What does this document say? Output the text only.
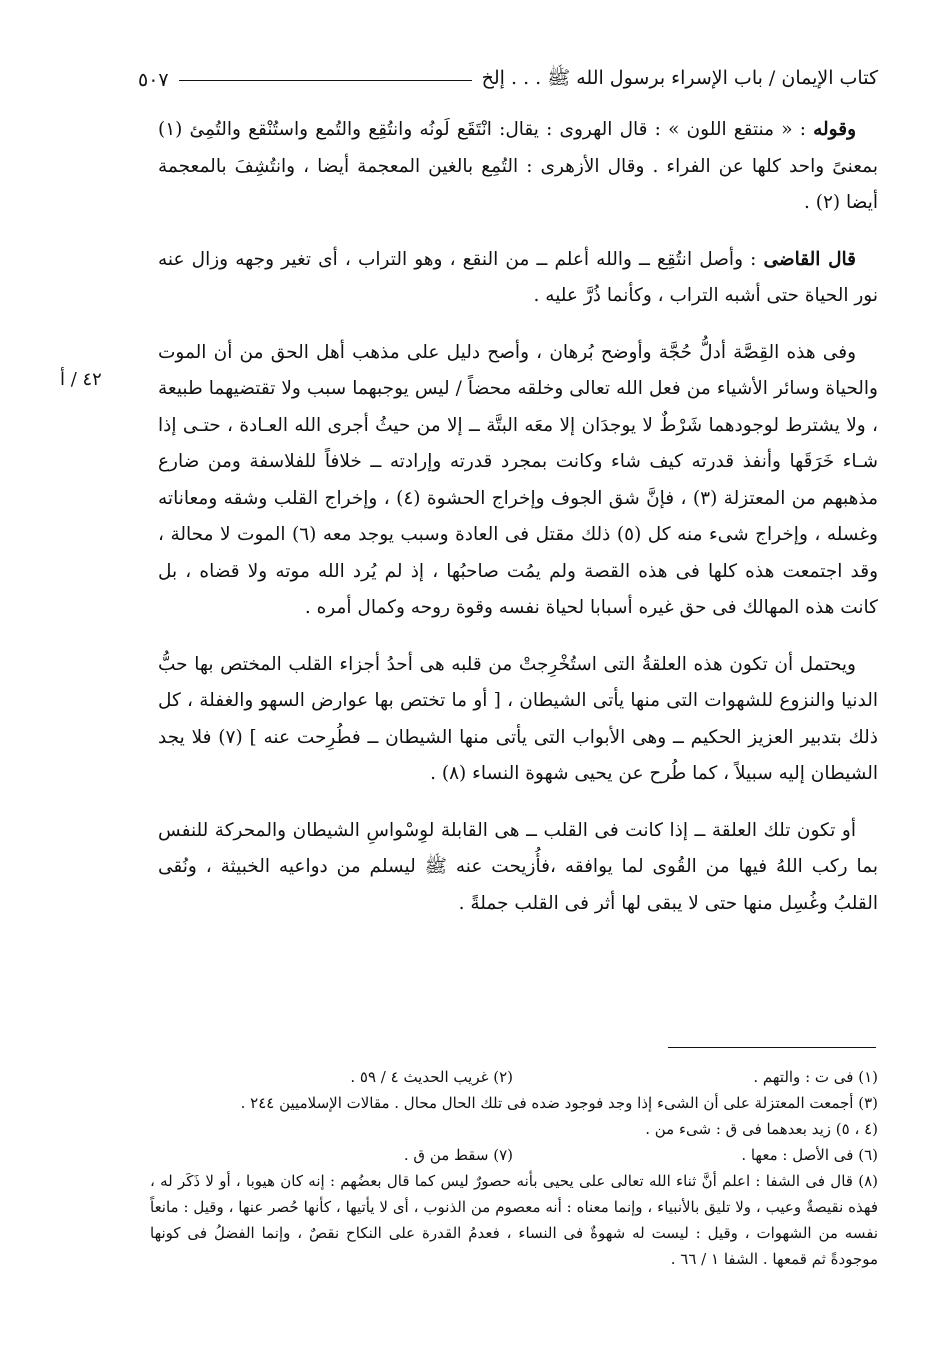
كتاب الإيمان / باب الإسراء برسول الله ﷺ . . . إلخ
٥٠٧
٤٢ / أ

وقوله : « منتقع اللون » : قال الهروى : يقال: انْتَقَع لَونُه وانتُقِع والتُمع واستُنْقع والتُمِئ (١) بمعنىً واحد كلها عن الفراء . وقال الأزهرى : التُمِع بالغين المعجمة أيضا ، وانتُشِفَ بالمعجمة أيضا (٢) .

قال القاضى : وأصل انتُقِع ــ والله أعلم ــ من النقع ، وهو التراب ، أى تغير وجهه وزال عنه نور الحياة حتى أشبه التراب ، وكأنما ذُرَّ عليه .

وفى هذه القِصَّة أدلُّ حُجَّة وأوضح بُرهان ، وأصح دليل على مذهب أهل الحق من أن الموت والحياة وسائر الأشياء من فعل الله تعالى وخلقه محضاً / ليس يوجبهما سبب ولا تقتضيهما طبيعة ، ولا يشترط لوجودهما شَرْطٌ لا يوجدَان إلا معَه البتَّة ــ إلا من حيثُ أجرى الله العـادة ، حتـى إذا شـاء خَرَقَها وأنفذ قدرته كيف شاء وكانت بمجرد قدرته وإرادته ــ خلافاً للفلاسفة ومن ضارع مذهبهم من المعتزلة (٣) ، فإنَّ شق الجوف وإخراج الحشوة (٤) ، وإخراج القلب وشقه ومعاناته وغسله ، وإخراج شىء منه كل (٥) ذلك مقتل فى العادة وسبب يوجد معه (٦) الموت لا محالة ، وقد اجتمعت هذه كلها فى هذه القصة ولم يمُت صاحبُها ، إذ لم يُرد الله موته ولا قضاه ، بل كانت هذه المهالك فى حق غيره أسبابا لحياة نفسه وقوة روحه وكمال أمره .

ويحتمل أن تكون هذه العلقةُ التى استُخْرِجتْ من قلبه هى أحدُ أجزاء القلب المختص بها حبُّ الدنيا والنزوع للشهوات التى منها يأتى الشيطان ، [ أو ما تختص بها عوارض السهو والغفلة ، كل ذلك بتدبير العزيز الحكيم ــ وهى الأبواب التى يأتى منها الشيطان ــ فطُرِحت عنه ] (٧) فلا يجد الشيطان إليه سبيلاً ، كما طُرح عن يحيى شهوة النساء (٨) .

أو تكون تلك العلقة ــ إذا كانت فى القلب ــ هى القابلة لوِسْواسِ الشيطان والمحركة للنفس بما ركب اللهُ فيها من القُوى لما يوافقه ،فأُزيحت عنه ﷺ ليسلم من دواعيه الخبيثة ، ونُقى القلبُ وغُسِل منها حتى لا يبقى لها أثر فى القلب جملةً .

(١) فى ت : والتهم .
(٢) غريب الحديث ٤ / ٥٩ .

(٣) أجمعت المعتزلة على أن الشىء إذا وجد فوجود ضده فى تلك الحال محال . مقالات الإسلاميين ٢٤٤ .

(٤ ، ٥) زيد بعدهما فى ق : شىء من .

(٦) فى الأصل : معها .
(٧) سقط من ق .

(٨) قال فى الشفا : اعلم أنَّ ثناء الله تعالى على يحيى بأنه حصورٌ ليس كما قال بعضُهم : إنه كان هيوبا ، أو لا ذَكَر له ، فهذه نقيصةٌ وعيب ، ولا تليق بالأنبياء ، وإنما معناه : أنه معصوم من الذنوب ، أى لا يأتيها ، كأنها حُصر عنها ، وقيل : مانعاً نفسه من الشهوات ، وقيل : ليست له شهوةٌ فى النساء ، فعدمُ القدرة على النكاح نقصٌ ، وإنما الفضلُ فى كونها موجودةً ثم قمعها . الشفا ١ / ٦٦ .
